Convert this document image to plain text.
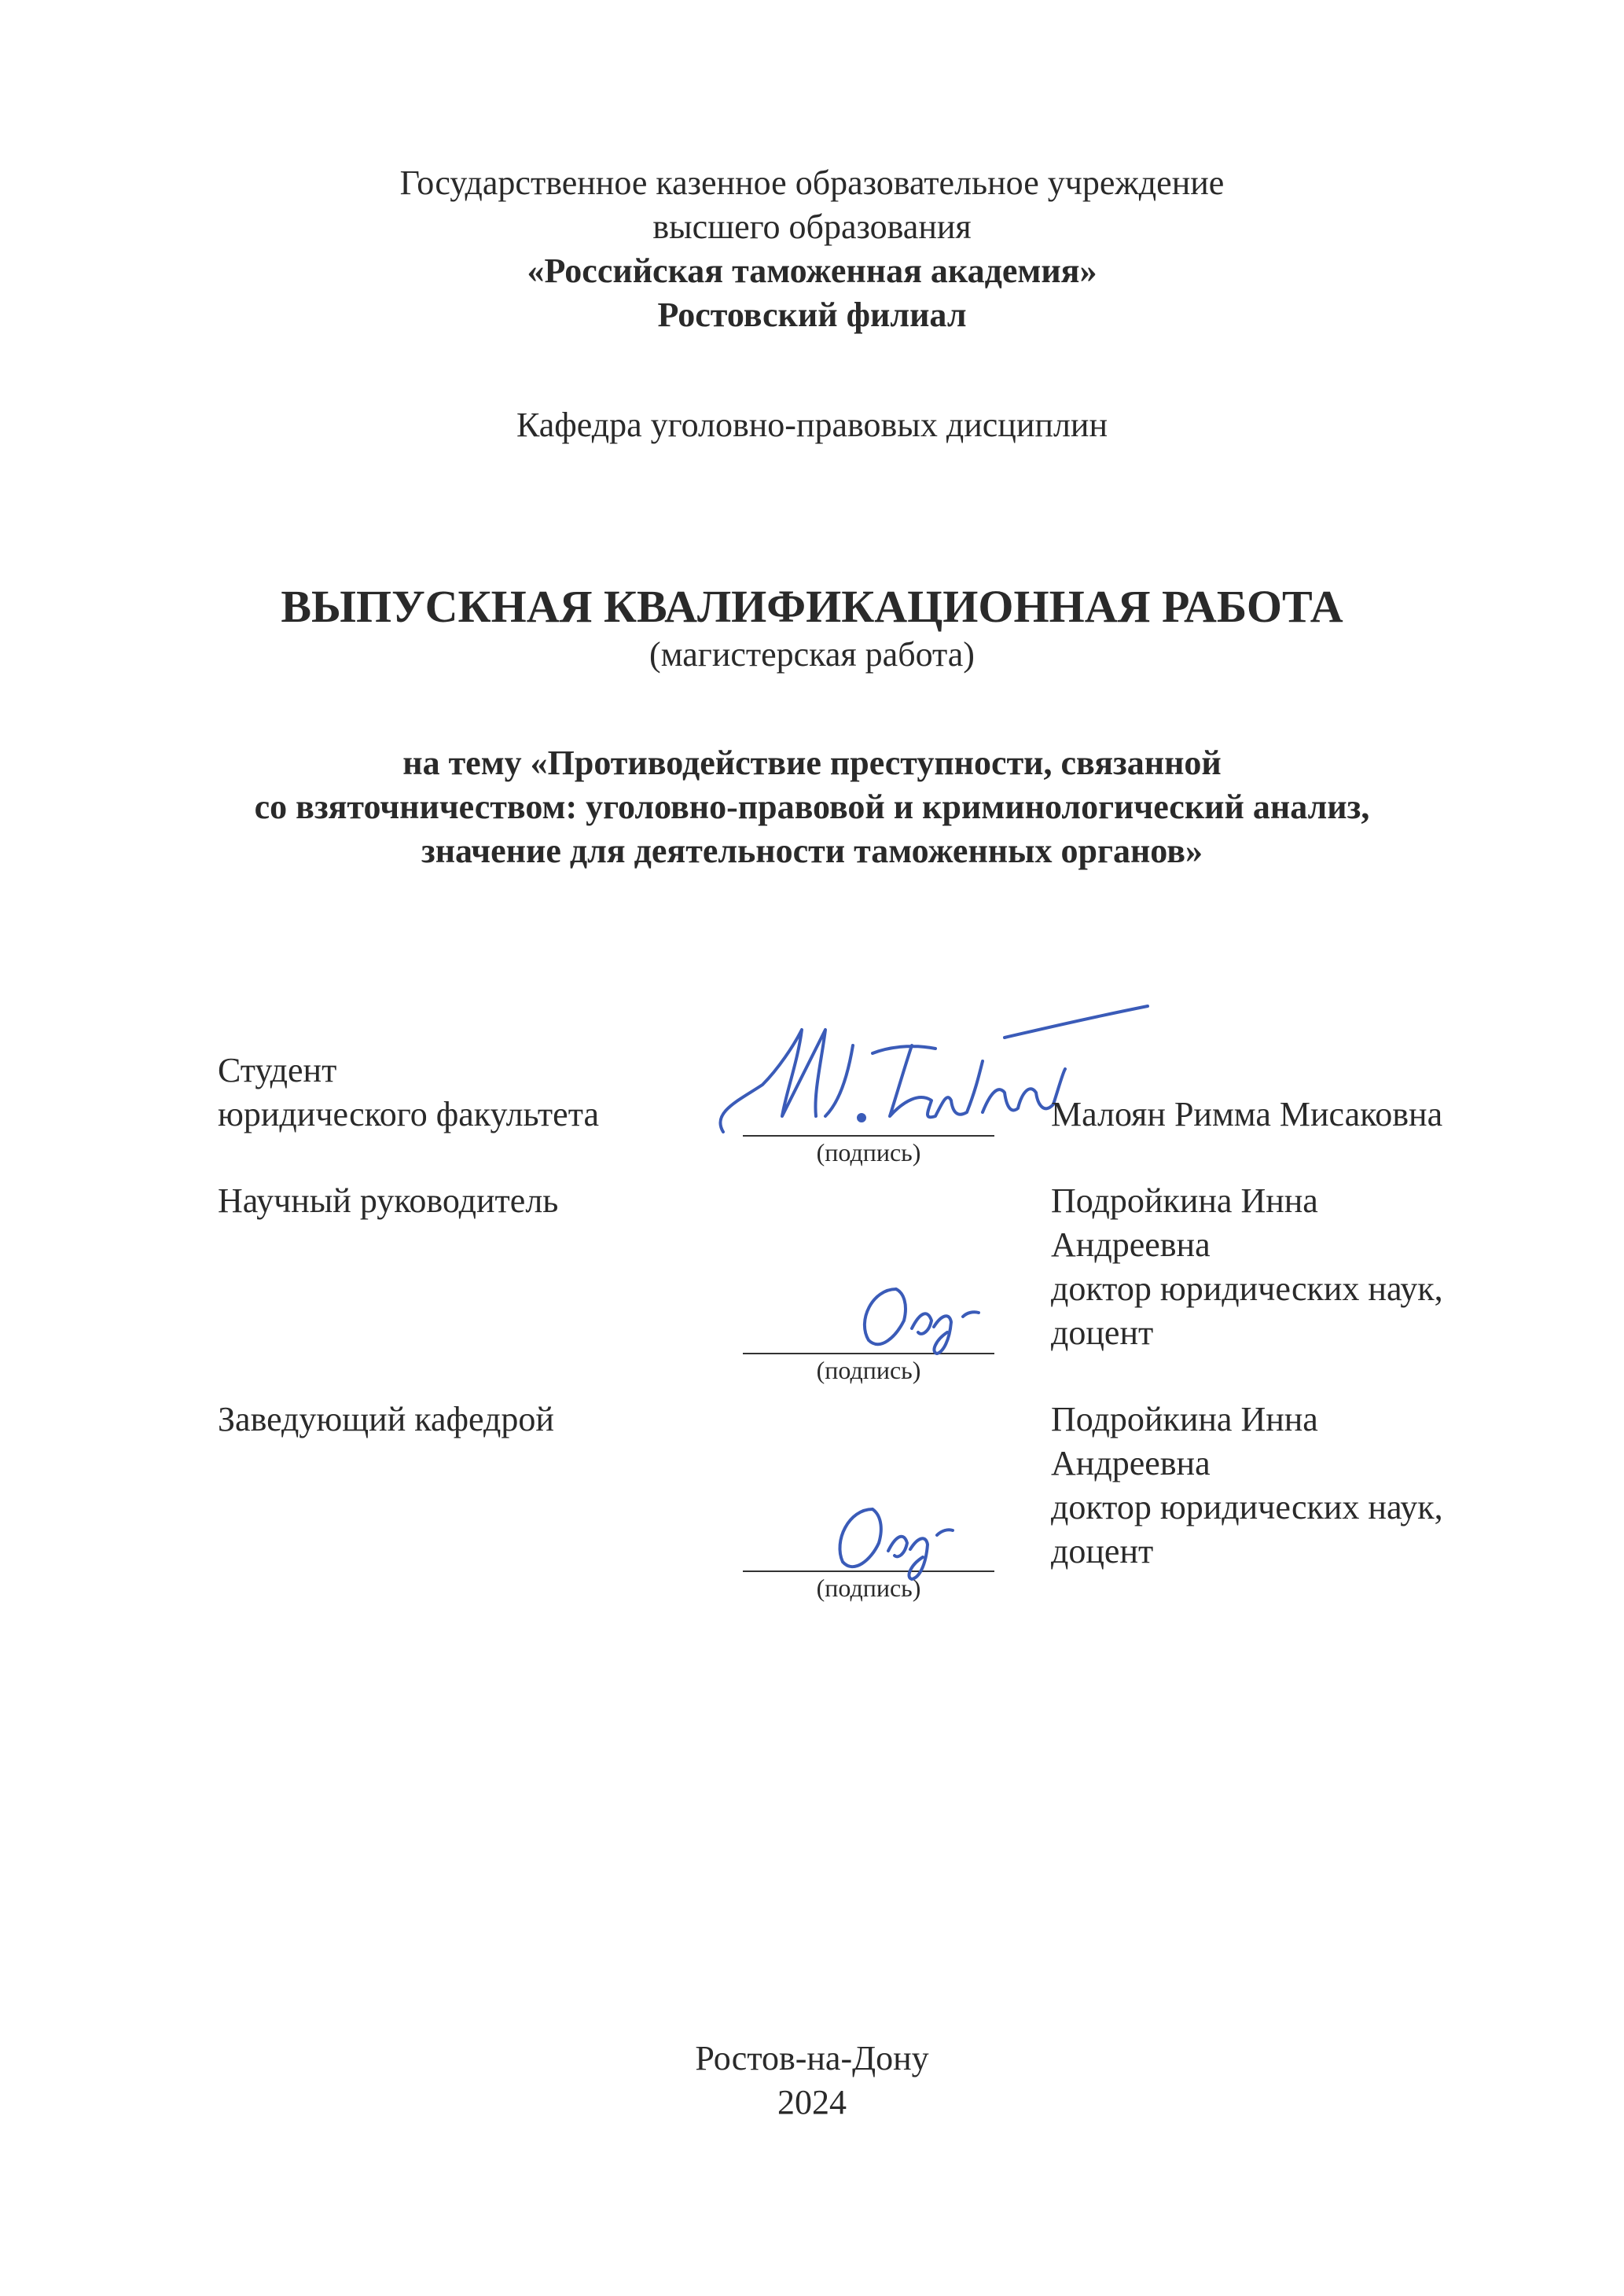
Государственное казенное образовательное учреждение
высшего образования
«Российская таможенная академия»
Ростовский филиал
Кафедра уголовно-правовых дисциплин
ВЫПУСКНАЯ КВАЛИФИКАЦИОННАЯ РАБОТА
(магистерская работа)
на тему «Противодействие преступности, связанной
со взяточничеством: уголовно-правовой и криминологический анализ,
значение для деятельности таможенных органов»
Студент
юридического факультета
(подпись)
Малоян Римма Мисаковна
Научный руководитель	Подройкина Инна
Андреевна
доктор юридических наук,
доцент
(подпись)
Заведующий кафедрой	Подройкина Инна
Андреевна
доктор юридических наук,
доцент
(подпись)
Ростов-на-Дону
2024
